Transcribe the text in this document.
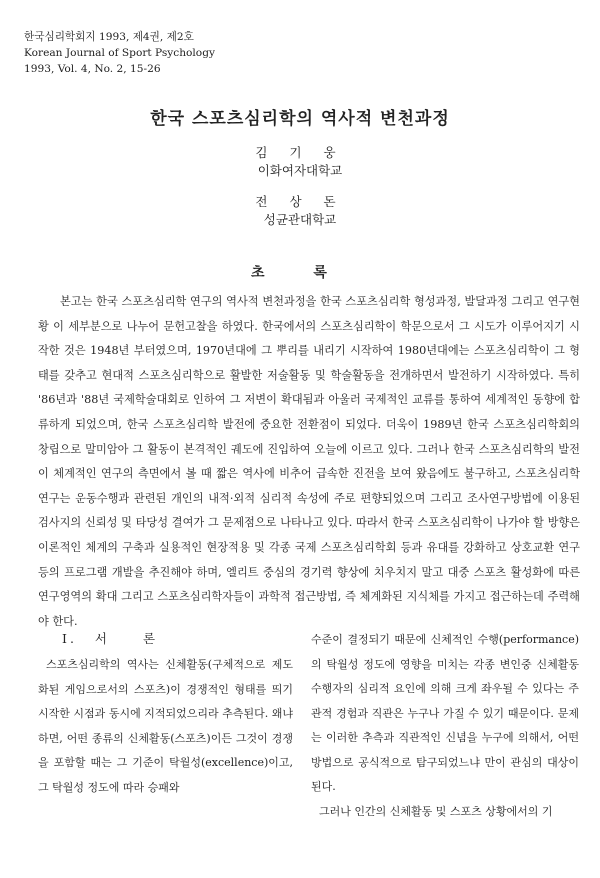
한국심리학회지 1993, 제4권, 제2호
Korean Journal of Sport Psychology
1993, Vol. 4, No. 2, 15-26
한국 스포츠심리학의 역사적 변천과정
김 기 웅
이화여자대학교
전 상 돈
성균관대학교
초 록

본고는 한국 스포츠심리학 연구의 역사적 변천과정을 한국 스포츠심리학 형성과정, 발달과정 그리고 연구현황 이 세부분으로 나누어 문헌고찰을 하였다. 한국에서의 스포츠심리학이 학문으로서 그 시도가 이루어지기 시작한 것은 1948년 부터였으며, 1970년대에 그 뿌리를 내리기 시작하여 1980년대에는 스포츠심리학이 그 형태를 갖추고 현대적 스포츠심리학으로 활발한 저술활동 및 학술활동을 전개하면서 발전하기 시작하였다. 특히 '86년과 '88년 국제학술대회로 인하여 그 저변이 확대됨과 아울러 국제적인 교류를 통하여 세계적인 동향에 합류하게 되었으며, 한국 스포츠심리학 발전에 중요한 전환점이 되었다. 더욱이 1989년 한국 스포츠심리학회의 창립으로 말미암아 그 활동이 본격적인 궤도에 진입하여 오늘에 이르고 있다. 그러나 한국 스포츠심리학의 발전이 체계적인 연구의 측면에서 볼 때 짧은 역사에 비추어 급속한 진전을 보여 왔음에도 불구하고, 스포츠심리학 연구는 운동수행과 관련된 개인의 내적·외적 심리적 속성에 주로 편향되었으며 그리고 조사연구방법에 이용된 검사지의 신뢰성 및 타당성 결여가 그 문제점으로 나타나고 있다. 따라서 한국 스포츠심리학이 나가야 할 방향은 이론적인 체계의 구축과 실용적인 현장적용 및 각종 국제 스포츠심리학회 등과 유대를 강화하고 상호교환 연구 등의 프로그램 개발을 추진해야 하며, 엘리트 중심의 경기력 향상에 치우치지 말고 대중 스포츠 활성화에 따른 연구영역의 확대 그리고 스포츠심리학자들이 과학적 접근방법, 즉 체계화된 지식체를 가지고 접근하는데 주력해야 한다.

Ⅰ. 서 론

스포츠심리학의 역사는 신체활동(구체적으로 제도화된 게임으로서의 스포츠)이 경쟁적인 형태를 띄기 시작한 시점과 동시에 지적되었으리라 추측된다. 왜냐하면, 어떤 종류의 신체활동(스포츠)이든 그것이 경쟁을 포함할 때는 그 기준이 탁월성(excellence)이고, 그 탁월성 정도에 따라 승패와

수준이 결정되기 때문에 신체적인 수행(performance)의 탁월성 정도에 영향을 미치는 각종 변인중 신체활동 수행자의 심리적 요인에 의해 크게 좌우될 수 있다는 주관적 경험과 직관은 누구나 가질 수 있기 때문이다. 문제는 이러한 추측과 직관적인 신념을 누구에 의해서, 어떤 방법으로 공식적으로 탐구되었느냐 만이 관심의 대상이 된다.
그러나 인간의 신체활동 및 스포츠 상황에서의 기
